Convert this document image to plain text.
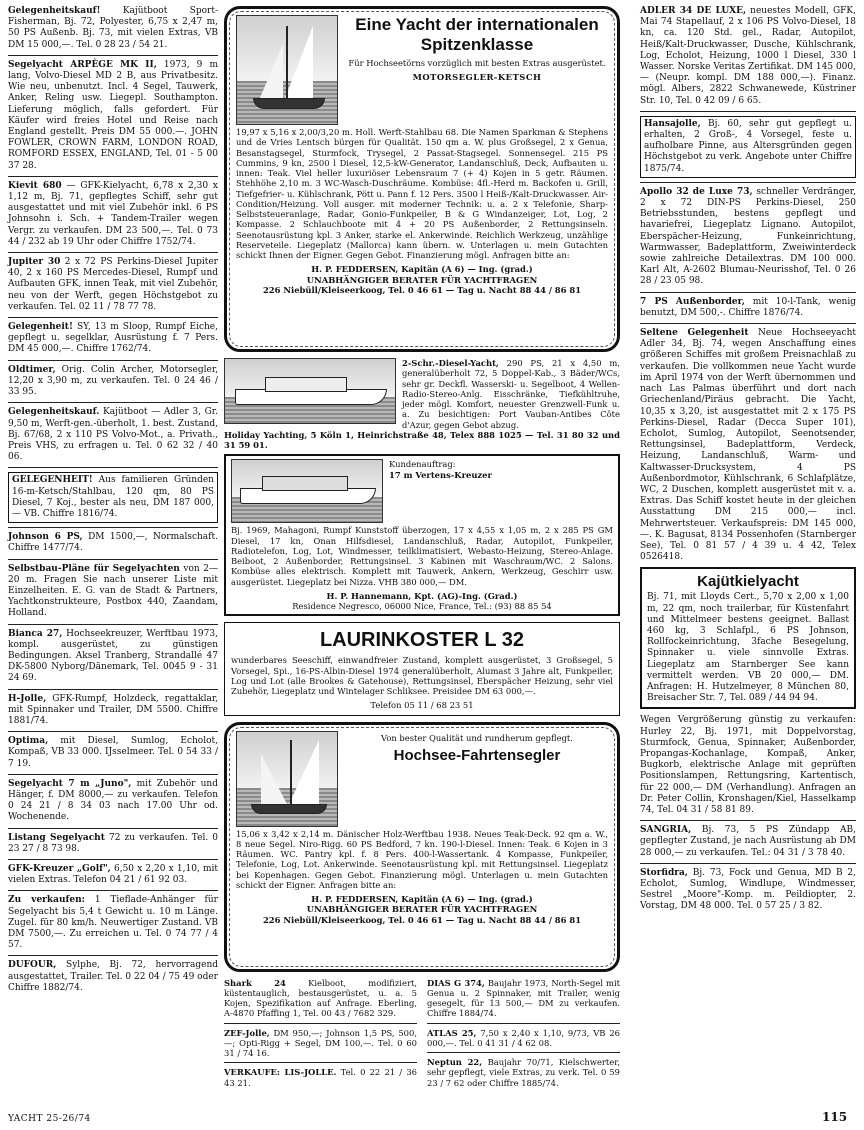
Gelegenheitskauf! Kajütboot Sport-Fisherman, Bj. 72, Polyester, 6,75 x 2,47 m, 50 PS Außenb. Bj. 73, mit vielen Extras, VB DM 15 000,—. Tel. 0 28 23 / 54 21.
Segelyacht ARPÈGE MK II, 1973, 9 m lang, Volvo-Diesel MD 2 B, aus Privatbesitz. Wie neu, unbenutzt. Incl. 4 Segel, Tauwerk, Anker, Reling usw. Liegepl. Southampton. Lieferung möglich, falls gefordert. Für Käufer wird freies Hotel und Reise nach England gestellt. Preis DM 55 000.—. JOHN FOWLER, CROWN FARM, LONDON ROAD, ROMFORD ESSEX, ENGLAND, Tel. 01 - 5 00 37 28.
Kievit 680 — GFK-Kielyacht, 6,78 x 2,30 x 1,12 m, Bj. 71, gepflegtes Schiff, sehr gut ausgestattet und mit viel Zubehör inkl. 6 PS Johnsohn i. Sch. + Tandem-Trailer wegen Vergr. zu verkaufen. DM 23 500,—. Tel. 0 73 44 / 232 ab 19 Uhr oder Chiffre 1752/74.
Jupiter 30 2 x 72 PS Perkins-Diesel Jupiter 40, 2 x 160 PS Mercedes-Diesel, Rumpf und Aufbauten GFK, innen Teak, mit viel Zubehör, neu von der Werft, gegen Höchstgebot zu verkaufen. Tel. 02 11 / 78 77 78.
Gelegenheit! SY, 13 m Sloop, Rumpf Eiche, gepflegt u. segelklar, Ausrüstung f. 7 Pers. DM 45 000,—. Chiffre 1762/74.
Oldtimer, Orig. Colin Archer, Motorsegler, 12,20 x 3,90 m, zu verkaufen. Tel. 0 24 46 / 33 95.
Gelegenheitskauf. Kajütboot — Adler 3, Gr. 9,50 m, Werft-gen.-überholt, 1. best. Zustand, Bj. 67/68, 2 x 110 PS Volvo-Mot., a. Privath., Preis VHS, zu erfragen u. Tel. 0 62 32 / 40 06.
GELEGENHEIT! Aus familieren Gründen 16-m-Ketsch/Stahlbau, 120 qm, 80 PS Diesel, 7 Koj., bester als neu, DM 187 000,— VB. Chiffre 1816/74.
Johnson 6 PS, DM 1500,—, Normalschaft. Chiffre 1477/74.
Selbstbau-Pläne für Segelyachten von 2—20 m. Fragen Sie nach unserer Liste mit Einzelheiten. E. G. van de Stadt & Partners, Yachtkonstrukteure, Postbox 440, Zaandam, Holland.
Bianca 27, Hochseekreuzer, Werftbau 1973, kompl. ausgerüstet, zu günstigen Bedingungen. Aksel Tranberg, Strandallé 47 DK-5800 Nyborg/Dänemark, Tel. 0045 9 - 31 24 69.
H-Jolle, GFK-Rumpf, Holzdeck, regattaklar, mit Spinnaker und Trailer, DM 5500. Chiffre 1881/74.
Optima, mit Diesel, Sumlog, Echolot, Kompaß, VB 33 000. IJsselmeer. Tel. 0 54 33 / 7 19.
Segelyacht 7 m „Juno", mit Zubehör und Hänger, f. DM 8000,— zu verkaufen. Telefon 0 24 21 / 8 34 03 nach 17.00 Uhr od. Wochenende.
Listang Segelyacht 72 zu verkaufen. Tel. 0 23 27 / 8 73 98.
GFK-Kreuzer „Golf", 6,50 x 2,20 x 1,10, mit vielen Extras. Telefon 04 21 / 61 92 03.
Zu verkaufen: 1 Tieflade-Anhänger für Segelyacht bis 5,4 t Gewicht u. 10 m Länge. Zugel. für 80 km/h. Neuwertiger Zustand. VB DM 7500,—. Zu erreichen u. Tel. 0 74 77 / 4 57.
DUFOUR, Sylphe, Bj. 72, hervorragend ausgestattet, Trailer. Tel. 0 22 04 / 75 49 oder Chiffre 1882/74.
Eine Yacht der internationalen Spitzenklasse
Für Hochseetörns vorzüglich mit besten Extras ausgerüstet.
MOTORSEGLER-KETSCH
19,97 x 5,16 x 2,00/3,20 m. Holl. Werft-Stahlbau 68. Die Namen Sparkman & Stephens und de Vries Lentsch bürgen für Qualität. 150 qm a. W. plus Großsegel, 2 x Genua, Besanstagsegel, Sturmfock, Trysegel, 2 Passat-Stagsegel. Sonnensegel. 215 PS Cummins, 9 kn, 2500 l Diesel, 12,5-kW-Generator, Landanschluß, Deck, Aufbauten u. innen: Teak. Viel heller luxuriöser Lebensraum 7 (+ 4) Kojen in 5 getr. Räumen. Stehhöhe 2,10 m. 3 WC-Wasch-Duschräume. Kombüse: 4fl.-Herd m. Backofen u. Grill, Tiefgefrier- u. Kühlschrank, Pött u. Pann f. 12 Pers. 3500 l Heiß-/Kalt-Druckwasser. Air-Condition/Heizung. Voll ausger. mit moderner Technik: u. a. 2 x Telefonie, Sharp-Selbststeueranlage, Radar, Gonio-Funkpeiler, B & G Windanzeiger, Lot, Log, 2 Kompasse. 2 Schlauchboote mit 4 + 20 PS Außenborder, 2 Rettungsinseln. Seenotausrüstung kpl. 3 Anker, starke el. Ankerwinde. Reichlich Werkzeug, unzählige Reserveteile. Liegeplatz (Mallorca) kann übern. w. Unterlagen u. mein Gutachten schickt Ihnen der Eigner. Gegen Gebot. Finanzierung mögl. Anfragen bitte an:
H. P. FEDDERSEN, Kapitän (A 6) — Ing. (grad.)
UNABHÄNGIGER BERATER FÜR YACHTFRAGEN
226 Niebüll/Kleiseerkoog, Tel. 0 46 61 — Tag u. Nacht 88 44 / 86 81
2-Schr.-Diesel-Yacht, 290 PS, 21 x 4,50 m, generalüberholt 72, 5 Doppel-Kab., 3 Bäder/WCs, sehr gr. Deckfl. Wasserski- u. Segelboot, 4 Wellen-Radio-Stereo-Anlg. Eisschränke, Tiefkühltruhe, jeder mögl. Komfort, neuester Grenzwell-Funk u. a. Zu besichtigen: Port Vauban-Antibes Côte d'Azur, gegen Gebot abzug.
Holiday Yachting, 5 Köln 1, Heinrichstraße 48, Telex 888 1025 — Tel. 31 80 32 und 31 59 01.
Kundenauftrag:
17 m Vertens-Kreuzer
Bj. 1969, Mahagoni, Rumpf Kunststoff überzogen, 17 x 4,55 x 1,05 m, 2 x 285 PS GM Diesel, 17 kn, Onan Hilfsdiesel, Landanschluß, Radar, Autopilot, Funkpeiler, Radiotelefon, Log, Lot, Windmesser, teilklimatisiert, Webasto-Heizung, Stereo-Anlage. Beiboot, 2 Außenborder, Rettungsinsel. 3 Kabinen mit Waschraum/WC. 2 Salons. Kombüse alles elektrisch. Komplett mit Tauwerk, Ankern, Werkzeug, Geschirr usw. ausgerüstet. Liegeplatz bei Nizza. VHB 380 000,— DM.
H. P. Hannemann, Kpt. (AG)-Ing. (Grad.)
Residence Negresco, 06000 Nice, France, Tel.: (93) 88 85 54
LAURINKOSTER L 32
wunderbares Seeschiff, einwandfreier Zustand, komplett ausgerüstet, 3 Großsegel, 5 Vorsegel, Spi., 16-PS-Albin-Diesel 1974 generalüberholt, Alumast 3 Jahre alt, Funkpeiler, Log und Lot (alle Brookes & Gatehouse), Rettungsinsel, Eberspächer Heizung, sehr viel Zubehör, Liegeplatz und Wintelager Schliksee. Preisidee DM 63 000,—.
Telefon 05 11 / 68 23 51
Von bester Qualität und rundherum gepflegt.
Hochsee-Fahrtensegler
15,06 x 3,42 x 2,14 m. Dänischer Holz-Werftbau 1938. Neues Teak-Deck. 92 qm a. W., 8 neue Segel. Niro-Rigg. 60 PS Bedford, 7 kn. 190-l-Diesel. Innen: Teak. 6 Kojen in 3 Räumen. WC. Pantry kpl. f. 8 Pers. 400-l-Wassertank. 4 Kompasse, Funkpeiler, Telefonie, Log, Lot. Ankerwinde. Seenotausrüstung kpl. mit Rettungsinsel. Liegeplatz bei Kopenhagen. Gegen Gebot. Finanzierung mögl. Unterlagen u. mein Gutachten schickt der Eigner. Anfragen bitte an:
H. P. FEDDERSEN, Kapitän (A 6) — Ing. (grad.)
UNABHÄNGIGER BERATER FÜR YACHTFRAGEN
226 Niebüll/Kleiseerkoog, Tel. 0 46 61 — Tag u. Nacht 88 44 / 86 81
Shark 24	Kielboot, modifiziert, küstentauglich, bestausgerüstet, u. a. 5 Kojen, Spezifikation auf Anfrage. Eberling, A-4870 Pfaffing 1, Tel. 00 43 / 7682 329.
ZEF-Jolle, DM 950,—; Johnson 1,5 PS, 500,—; Opti-Rigg + Segel, DM 100,—. Tel. 0 60 31 / 74 16.
VERKAUFE: LIS-JOLLE. Tel. 0 22 21 / 36 43 21.
DIAS G 374, Baujahr 1973, North-Segel mit Genua u. 2 Spinnaker, mit Trailer, wenig gesegelt, für 13 500,— DM zu verkaufen. Chiffre 1884/74.
ATLAS 25, 7,50 x 2,40 x 1,10, 9/73, VB 26 000,—. Tel. 0 41 31 / 4 62 08.
Neptun 22, Baujahr 70/71, Kielschwerter, sehr gepflegt, viele Extras, zu verk. Tel. 0 59 23 / 7 62 oder Chiffre 1885/74.
ADLER 34 DE LUXE, neuestes Modell, GFK, Mai 74 Stapellauf, 2 x 106 PS Volvo-Diesel, 18 kn, ca. 120 Std. gel., Radar, Autopilot, Heiß/Kalt-Druckwasser, Dusche, Kühlschrank, Log, Echolot, Heizung, 1000 l Diesel, 330 l Wasser. Norske Veritas Zertifikat. DM 145 000,— (Neupr. kompl. DM 188 000,—). Finanz. mögl. Albers, 2822 Schwanewede, Küstriner Str. 10, Tel. 0 42 09 / 6 65.
Hansajolle, Bj. 60, sehr gut gepflegt u. erhalten, 2 Groß-, 4 Vorsegel, feste u. aufholbare Pinne, aus Altersgründen gegen Höchstgebot zu verk. Angebote unter Chiffre 1875/74.
Apollo 32 de Luxe 73, schneller Verdränger, 2 x 72 DIN-PS Perkins-Diesel, 250 Betriebsstunden, bestens gepflegt und havariefrei, Liegeplatz Lignano. Autopilot, Eberspächer-Heizung, Funkeinrichtung, Warmwasser, Badeplattform, Zweiwinterdeck sowie zahlreiche Detailextras. DM 100 000. Karl Alt, A-2602 Blumau-Neurisshof, Tel. 0 26 28 / 23 05 98.
7 PS Außenborder, mit 10-l-Tank, wenig benutzt, DM 500,-. Chiffre 1876/74.
Seltene Gelegenheit Neue Hochseeyacht Adler 34, Bj. 74, wegen Anschaffung eines größeren Schiffes mit großem Preisnachlaß zu verkaufen. Die vollkommen neue Yacht wurde im April 1974 von der Werft übernommen und nach Las Palmas überführt und dort nach Griechenland/Piräus gebracht. Die Yacht, 10,35 x 3,20, ist ausgestattet mit 2 x 175 PS Perkins-Diesel, Radar (Decca Super 101), Echolot, Sumlog, Autopilot, Seenotsender, Rettungsinsel, Badeplattform, Verdeck, Heizung, Landanschluß, Warm- und Kaltwasser-Drucksystem, 4 PS Außenbordmotor, Kühlschrank, 6 Schlafplätze, WC, 2 Duschen, komplett ausgerüstet mit v. a. Extras. Das Schiff kostet heute in der gleichen Ausstattung DM 215 000,— incl. Mehrwertsteuer. Verkaufspreis: DM 145 000,—. K. Bagusat, 8134 Possenhofen (Starnberger See), Tel. 0 81 57 / 4 39 u. 4 42, Telex 0526418.
Kajütkielyacht
Bj. 71, mit Lloyds Cert., 5,70 x 2,00 x 1,00 m, 22 qm, noch trailerbar, für Küstenfahrt und Mittelmeer bestens geeignet. Ballast 460 kg, 3 Schlafpl., 6 PS Johnson, Rollfockeinrichtung, 3fache Besegelung, Spinnaker u. viele sinnvolle Extras. Liegeplatz am Starnberger See kann vermittelt werden. VB 20 000,— DM. Anfragen: H. Hutzelmeyer, 8 München 80, Breisacher Str. 7, Tel. 089 / 44 94 94.
Wegen Vergrößerung günstig zu verkaufen: Hurley 22, Bj. 1971, mit Doppelvorstag, Sturmfock, Genua, Spinnaker, Außenborder, Propangas-Kochanlage, Kompaß, Anker, Bugkorb, elektrische Anlage mit geprüften Positionslampen, Rettungsring, Kartentisch, für 22 000,— DM (Verhandlung). Anfragen an Dr. Peter Collin, Kronshagen/Kiel, Hasselkamp 74, Tel. 04 31 / 58 81 89.
SANGRIA, Bj. 73, 5 PS Zündapp AB, gepflegter Zustand, je nach Ausrüstung ab DM 28 000,— zu verkaufen. Tel.: 04 31 / 3 78 40.
Storfidra, Bj. 73, Fock und Genua, MD B 2, Echolot, Sumlog, Windlupe, Windmesser, Sestrel „Moore"-Komp. m. Peildiopter, 2. Vorstag, DM 48 000. Tel. 0 57 25 / 3 82.
YACHT 25-26/74	115
